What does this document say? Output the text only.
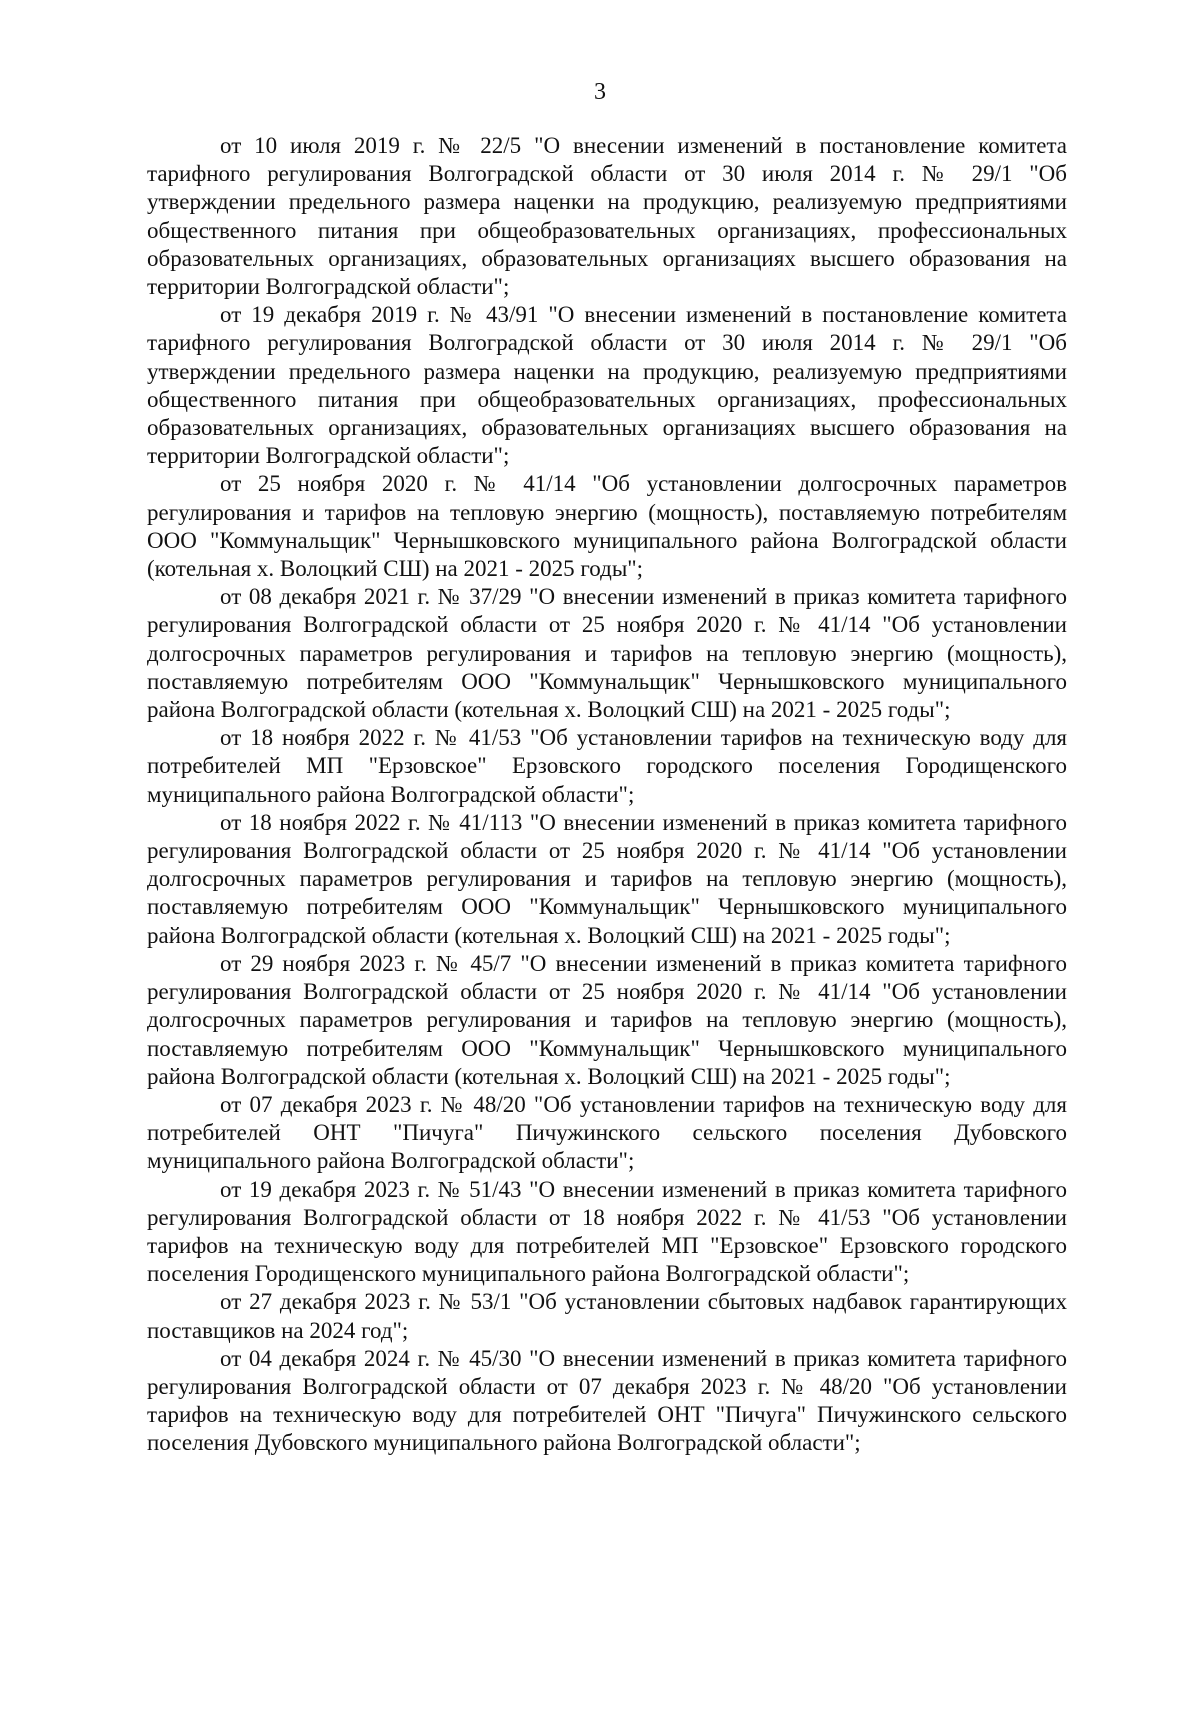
3

от 10 июля 2019 г. № 22/5 "О внесении изменений в постановление комитета тарифного регулирования Волгоградской области от 30 июля 2014 г. № 29/1 "Об утверждении предельного размера наценки на продукцию, реализуемую предприятиями общественного питания при общеобразовательных организациях, профессиональных образовательных организациях, образовательных организациях высшего образования на территории Волгоградской области";

от 19 декабря 2019 г. № 43/91 "О внесении изменений в постановление комитета тарифного регулирования Волгоградской области от 30 июля 2014 г. № 29/1 "Об утверждении предельного размера наценки на продукцию, реализуемую предприятиями общественного питания при общеобразовательных организациях, профессиональных образовательных организациях, образовательных организациях высшего образования на территории Волгоградской области";

от 25 ноября 2020 г. № 41/14 "Об установлении долгосрочных параметров регулирования и тарифов на тепловую энергию (мощность), поставляемую потребителям ООО "Коммунальщик" Чернышковского муниципального района Волгоградской области (котельная х. Волоцкий СШ) на 2021 - 2025 годы";

от 08 декабря 2021 г. № 37/29 "О внесении изменений в приказ комитета тарифного регулирования Волгоградской области от 25 ноября 2020 г. № 41/14 "Об установлении долгосрочных параметров регулирования и тарифов на тепловую энергию (мощность), поставляемую потребителям ООО "Коммунальщик" Чернышковского муниципального района Волгоградской области (котельная х. Волоцкий СШ) на 2021 - 2025 годы";

от 18 ноября 2022 г. № 41/53 "Об установлении тарифов на техническую воду для потребителей МП "Ерзовское" Ерзовского городского поселения Городищенского муниципального района Волгоградской области";

от 18 ноября 2022 г. № 41/113 "О внесении изменений в приказ комитета тарифного регулирования Волгоградской области от 25 ноября 2020 г. № 41/14 "Об установлении долгосрочных параметров регулирования и тарифов на тепловую энергию (мощность), поставляемую потребителям ООО "Коммунальщик" Чернышковского муниципального района Волгоградской области (котельная х. Волоцкий СШ) на 2021 - 2025 годы";

от 29 ноября 2023 г. № 45/7 "О внесении изменений в приказ комитета тарифного регулирования Волгоградской области от 25 ноября 2020 г. № 41/14 "Об установлении долгосрочных параметров регулирования и тарифов на тепловую энергию (мощность), поставляемую потребителям ООО "Коммунальщик" Чернышковского муниципального района Волгоградской области (котельная х. Волоцкий СШ) на 2021 - 2025 годы";

от 07 декабря 2023 г. № 48/20 "Об установлении тарифов на техническую воду для потребителей ОНТ "Пичуга" Пичужинского сельского поселения Дубовского муниципального района Волгоградской области";

от 19 декабря 2023 г. № 51/43 "О внесении изменений в приказ комитета тарифного регулирования Волгоградской области от 18 ноября 2022 г. № 41/53 "Об установлении тарифов на техническую воду для потребителей МП "Ерзовское" Ерзовского городского поселения Городищенского муниципального района Волгоградской области";

от 27 декабря 2023 г. № 53/1 "Об установлении сбытовых надбавок гарантирующих поставщиков на 2024 год";

от 04 декабря 2024 г. № 45/30 "О внесении изменений в приказ комитета тарифного регулирования Волгоградской области от 07 декабря 2023 г. № 48/20 "Об установлении тарифов на техническую воду для потребителей ОНТ "Пичуга" Пичужинского сельского поселения Дубовского муниципального района Волгоградской области";
